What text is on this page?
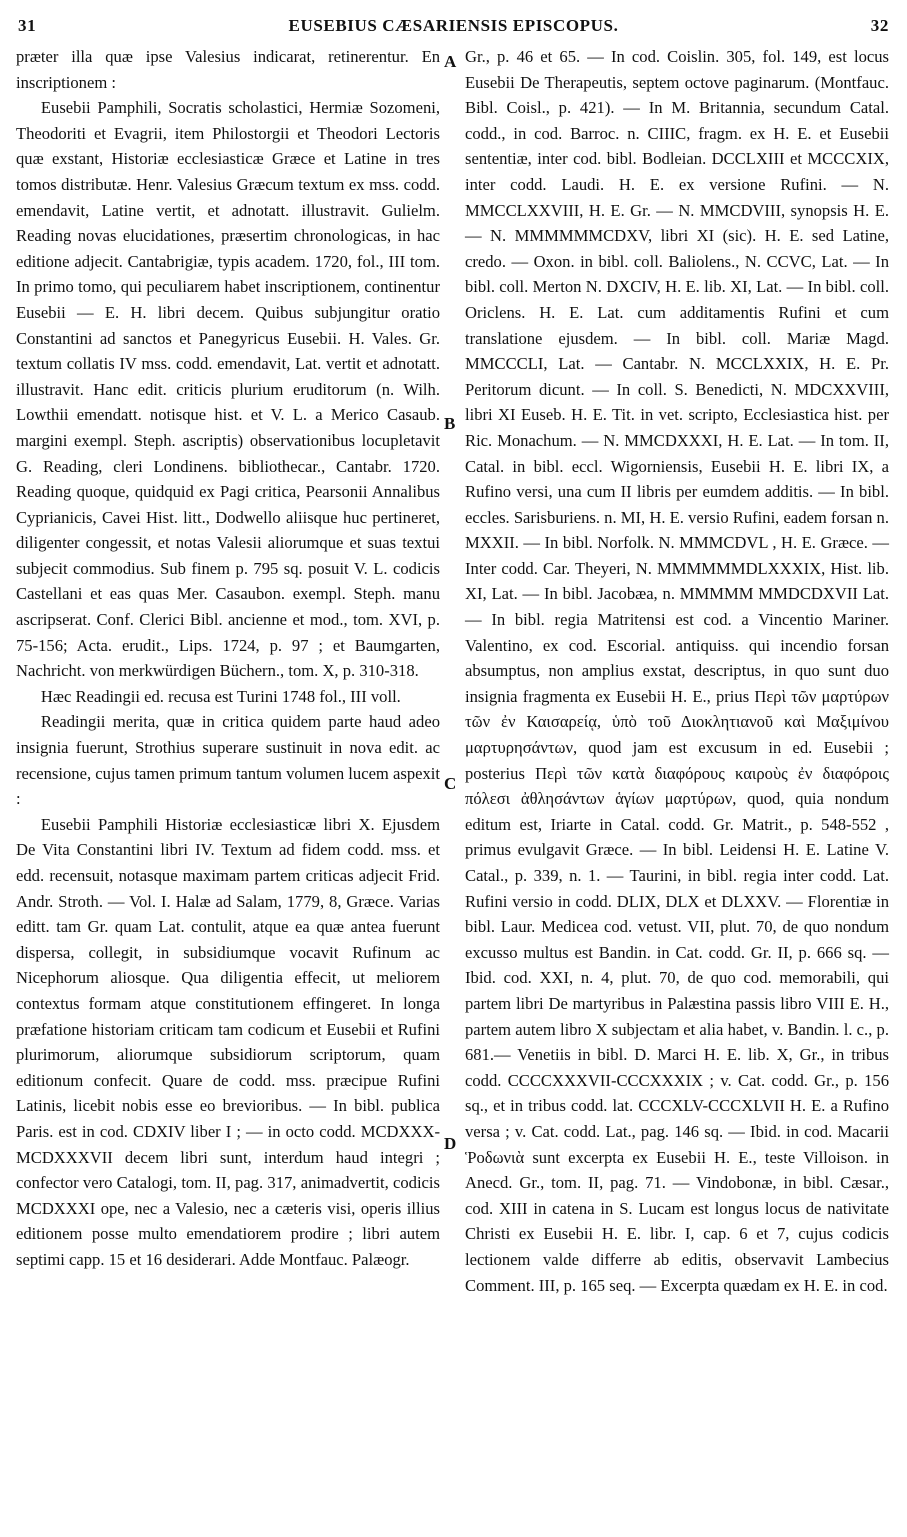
31	EUSEBIUS CÆSARIENSIS EPISCOPUS.	32

præter illa quæ ipse Valesius indicarat, retinerentur. En inscriptionem :

Eusebii Pamphili, Socratis scholastici, Hermiæ Sozomeni, Theodoriti et Evagrii, item Philostorgii et Theodori Lectoris quæ exstant, Historiæ ecclesiasticæ Græce et Latine in tres tomos distributæ. Henr. Valesius Græcum textum ex mss. codd. emendavit, Latine vertit, et adnotatt. illustravit. Gulielm. Reading novas elucidationes, præsertim chronologicas, in hac editione adjecit. Cantabrigiæ, typis academ. 1720, fol., III tom. In primo tomo, qui peculiarem habet inscriptionem, continentur Eusebii — E. H. libri decem. Quibus subjungitur oratio Constantini ad sanctos et Panegyricus Eusebii. H. Vales. Gr. textum collatis IV mss. codd. emendavit, Lat. vertit et adnotatt. illustravit. Hanc edit. criticis plurium eruditorum (n. Wilh. Lowthii emendatt. notisque hist. et V. L. a Merico Casaub. margini exempl. Steph. ascriptis) observationibus locupletavit G. Reading, cleri Londinens. bibliothecar., Cantabr. 1720. Reading quoque, quidquid ex Pagi critica, Pearsonii Annalibus Cyprianicis, Cavei Hist. litt., Dodwello aliisque huc pertineret, diligenter congessit, et notas Valesii aliorumque et suas textui subjecit commodius. Sub finem p. 795 sq. posuit V. L. codicis Castellani et eas quas Mer. Casaubon. exempl. Steph. manu ascripserat. Conf. Clerici Bibl. ancienne et mod., tom. XVI, p. 75-156; Acta. erudit., Lips. 1724, p. 97 ; et Baumgarten, Nachricht. von merkwürdigen Büchern., tom. X, p. 310-318.

Hæc Readingii ed. recusa est Turini 1748 fol., III voll.

Readingii merita, quæ in critica quidem parte haud adeo insignia fuerunt, Strothius superare sustinuit in nova edit. ac recensione, cujus tamen primum tantum volumen lucem aspexit :

Eusebii Pamphili Historiæ ecclesiasticæ libri X. Ejusdem De Vita Constantini libri IV. Textum ad fidem codd. mss. et edd. recensuit, notasque maximam partem criticas adjecit Frid. Andr. Stroth. — Vol. I. Halæ ad Salam, 1779, 8, Græce. Varias editt. tam Gr. quam Lat. contulit, atque ea quæ antea fuerunt dispersa, collegit, in subsidiumque vocavit Rufinum ac Nicephorum aliosque. Qua diligentia effecit, ut meliorem contextus formam atque constitutionem effingeret. In longa præfatione historiam criticam tam codicum et Eusebii et Rufini plurimorum, aliorumque subsidiorum scriptorum, quam editionum confecit. Quare de codd. mss. præcipue Rufini Latinis, licebit nobis esse eo brevioribus. — In bibl. publica Paris. est in cod. CDXIV liber I ; — in octo codd. MCDXXX-MCDXXXVII decem libri sunt, interdum haud integri ; confector vero Catalogi, tom. II, pag. 317, animadvertit, codicis MCDXXXI ope, nec a Valesio, nec a cæteris visi, operis illius editionem posse multo emendatiorem prodire ; libri autem septimi capp. 15 et 16 desiderari. Adde Montfauc. Palæogr.

A
B
C
D

Gr., p. 46 et 65. — In cod. Coislin. 305, fol. 149, est locus Eusebii De Therapeutis, septem octove paginarum. (Montfauc. Bibl. Coisl., p. 421). — In M. Britannia, secundum Catal. codd., in cod. Barroc. n. CIIIC, fragm. ex H. E. et Eusebii sententiæ, inter cod. bibl. Bodleian. DCCLXIII et MCCCXIX, inter codd. Laudi. H. E. ex versione Rufini. — N. MMCCLXXVIII, H. E. Gr. — N. MMCDVIII, synopsis H. E. — N. MMMMMMCDXV, libri XI (sic). H. E. sed Latine, credo. — Oxon. in bibl. coll. Baliolens., N. CCVC, Lat. — In bibl. coll. Merton N. DXCIV, H. E. lib. XI, Lat. — In bibl. coll. Oriclens. H. E. Lat. cum additamentis Rufini et cum translatione ejusdem. — In bibl. coll. Mariæ Magd. MMCCCLI, Lat. — Cantabr. N. MCCLXXIX, H. E. Pr. Peritorum dicunt. — In coll. S. Benedicti, N. MDCXXVIII, libri XI Euseb. H. E. Tit. in vet. scripto, Ecclesiastica hist. per Ric. Monachum. — N. MMCDXXXI, H. E. Lat. — In tom. II, Catal. in bibl. eccl. Wigorniensis, Eusebii H. E. libri IX, a Rufino versi, una cum II libris per eumdem additis. — In bibl. eccles. Sarisburiens. n. MI, H. E. versio Rufini, eadem forsan n. MXXII. — In bibl. Norfolk. N. MMMCDVL , H. E. Græce. — Inter codd. Car. Theyeri, N. MMMMMMDLXXXIX, Hist. lib. XI, Lat. — In bibl. Jacobæa, n. MMMMM MMDCDXVII Lat. — In bibl. regia Matritensi est cod. a Vincentio Mariner. Valentino, ex cod. Escorial. antiquiss. qui incendio forsan absumptus, non amplius exstat, descriptus, in quo sunt duo insignia fragmenta ex Eusebii H. E., prius Περὶ τῶν μαρτύρων τῶν ἐν Καισαρείᾳ, ὑπὸ τοῦ Διοκλητιανοῦ καὶ Μαξιμίνου μαρτυρησάντων, quod jam est excusum in ed. Eusebii ; posterius Περὶ τῶν κατὰ διαφόρους καιροὺς ἐν διαφόροις πόλεσι ἀθλησάντων ἁγίων μαρτύρων, quod, quia nondum editum est, Iriarte in Catal. codd. Gr. Matrit., p. 548-552 , primus evulgavit Græce. — In bibl. Leidensi H. E. Latine V. Catal., p. 339, n. 1. — Taurini, in bibl. regia inter codd. Lat. Rufini versio in codd. DLIX, DLX et DLXXV. — Florentiæ in bibl. Laur. Medicea cod. vetust. VII, plut. 70, de quo nondum excusso multus est Bandin. in Cat. codd. Gr. II, p. 666 sq. — Ibid. cod. XXI, n. 4, plut. 70, de quo cod. memorabili, qui partem libri De martyribus in Palæstina passis libro VIII E. H., partem autem libro X subjectam et alia habet, v. Bandin. l. c., p. 681.— Venetiis in bibl. D. Marci H. E. lib. X, Gr., in tribus codd. CCCCXXXVII-CCCXXXIX ; v. Cat. codd. Gr., p. 156 sq., et in tribus codd. lat. CCCXLV-CCCXLVII H. E. a Rufino versa ; v. Cat. codd. Lat., pag. 146 sq. — Ibid. in cod. Macarii Ῥοδωνιὰ sunt excerpta ex Eusebii H. E., teste Villoison. in Anecd. Gr., tom. II, pag. 71. — Vindobonæ, in bibl. Cæsar., cod. XIII in catena in S. Lucam est longus locus de nativitate Christi ex Eusebii H. E. libr. I, cap. 6 et 7, cujus codicis lectionem valde differre ab editis, observavit Lambecius Comment. III, p. 165 seq. — Excerpta quædam ex H. E. in cod.
